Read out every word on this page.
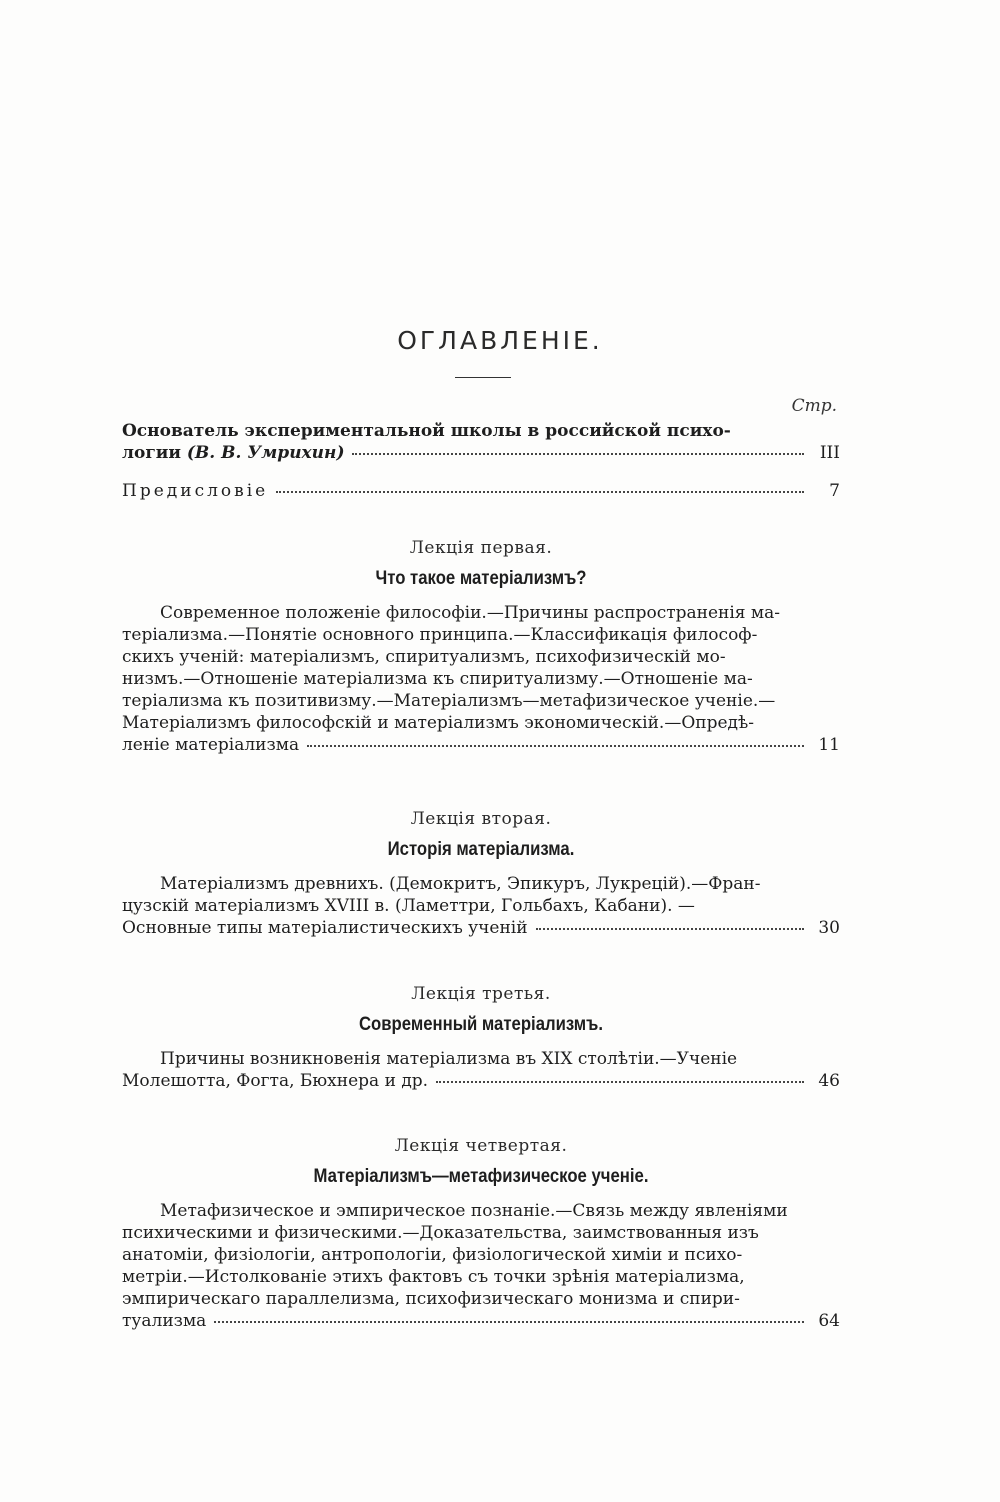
ОГЛАВЛЕНІЕ.
Стр.
Основатель экспериментальной школы в российской психо-
логии (В. В. Умрихин)	III
Предисловіе	7
Лекція первая.
Что такое матеріализмъ?
Современное положеніе философіи.—Причины распространенія ма-
теріализма.—Понятіе основного принципа.—Классификація философ-
скихъ ученій: матеріализмъ, спиритуализмъ, психофизическій мо-
низмъ.—Отношеніе матеріализма къ спиритуализму.—Отношеніе ма-
теріализма къ позитивизму.—Матеріализмъ—метафизическое ученіе.—
Матеріализмъ философскій и матеріализмъ экономическій.—Опредѣ-
леніе матеріализма	11
Лекція вторая.
Исторія матеріализма.
Матеріализмъ древнихъ. (Демокритъ, Эпикуръ, Лукрецій).—Фран-
цузскій матеріализмъ XVIII в. (Ламеттри, Гольбахъ, Кабани). —
Основные типы матеріалистическихъ ученій	30
Лекція третья.
Современный матеріализмъ.
Причины возникновенія матеріализма въ XIX столѣтіи.—Ученіе
Молешотта, Фогта, Бюхнера и др.	46
Лекція четвертая.
Матеріализмъ—метафизическое ученіе.
Метафизическое и эмпирическое познаніе.—Связь между явленіями
психическими и физическими.—Доказательства, заимствованныя изъ
анатоміи, физіологіи, антропологіи, физіологической химіи и психо-
метріи.—Истолкованіе этихъ фактовъ съ точки зрѣнія матеріализма,
эмпирическаго параллелизма, психофизическаго монизма и спири-
туализма	64
